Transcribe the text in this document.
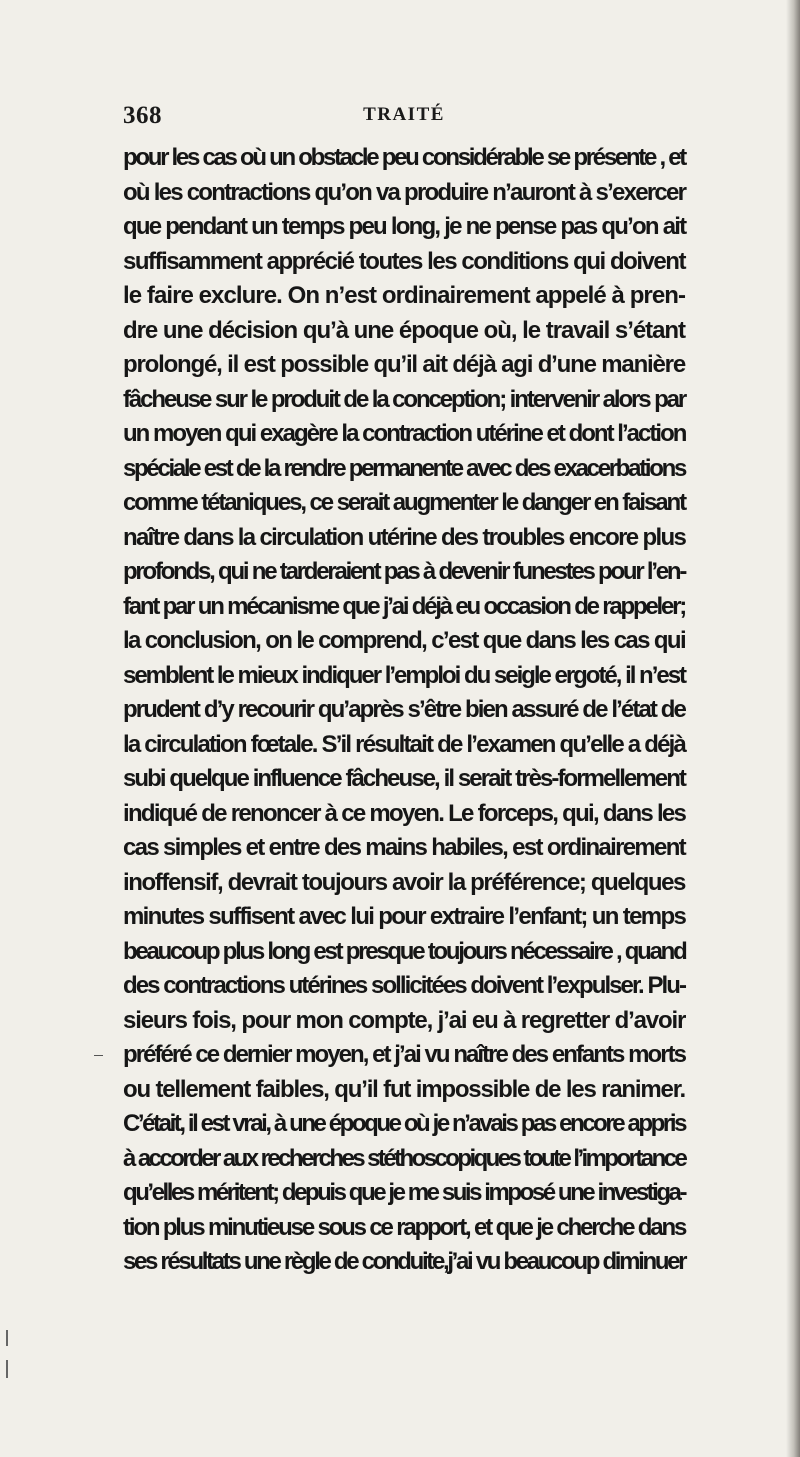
368	TRAITÉ
pour les cas où un obstacle peu considérable se présente , et
où les contractions qu’on va produire n’auront à s’exercer
que pendant un temps peu long, je ne pense pas qu’on ait
suffisamment apprécié toutes les conditions qui doivent
le faire exclure. On n’est ordinairement appelé à pren-
dre une décision qu’à une époque où, le travail s’étant
prolongé, il est possible qu’il ait déjà agi d’une manière
fâcheuse sur le produit de la conception; intervenir alors par
un moyen qui exagère la contraction utérine et dont l’action
spéciale est de la rendre permanente avec des exacerbations
comme tétaniques, ce serait augmenter le danger en faisant
naître dans la circulation utérine des troubles encore plus
profonds, qui ne tarderaient pas à devenir funestes pour l’en-
fant par un mécanisme que j’ai déjà eu occasion de rappeler;
la conclusion, on le comprend, c’est que dans les cas qui
semblent le mieux indiquer l’emploi du seigle ergoté, il n’est
prudent d’y recourir qu’après s’être bien assuré de l’état de
la circulation fœtale. S’il résultait de l’examen qu’elle a déjà
subi quelque influence fâcheuse, il serait très-formellement
indiqué de renoncer à ce moyen. Le forceps, qui, dans les
cas simples et entre des mains habiles, est ordinairement
inoffensif, devrait toujours avoir la préférence; quelques
minutes suffisent avec lui pour extraire l’enfant; un temps
beaucoup plus long est presque toujours nécessaire , quand
des contractions utérines sollicitées doivent l’expulser. Plu-
sieurs fois, pour mon compte, j’ai eu à regretter d’avoir
préféré ce dernier moyen, et j’ai vu naître des enfants morts
ou tellement faibles, qu’il fut impossible de les ranimer.
C’était, il est vrai, à une époque où je n’avais pas encore appris
à accorder aux recherches stéthoscopiques toute l’importance
qu’elles méritent; depuis que je me suis imposé une investiga-
tion plus minutieuse sous ce rapport, et que je cherche dans
ses résultats une règle de conduite,j’ai vu beaucoup diminuer
